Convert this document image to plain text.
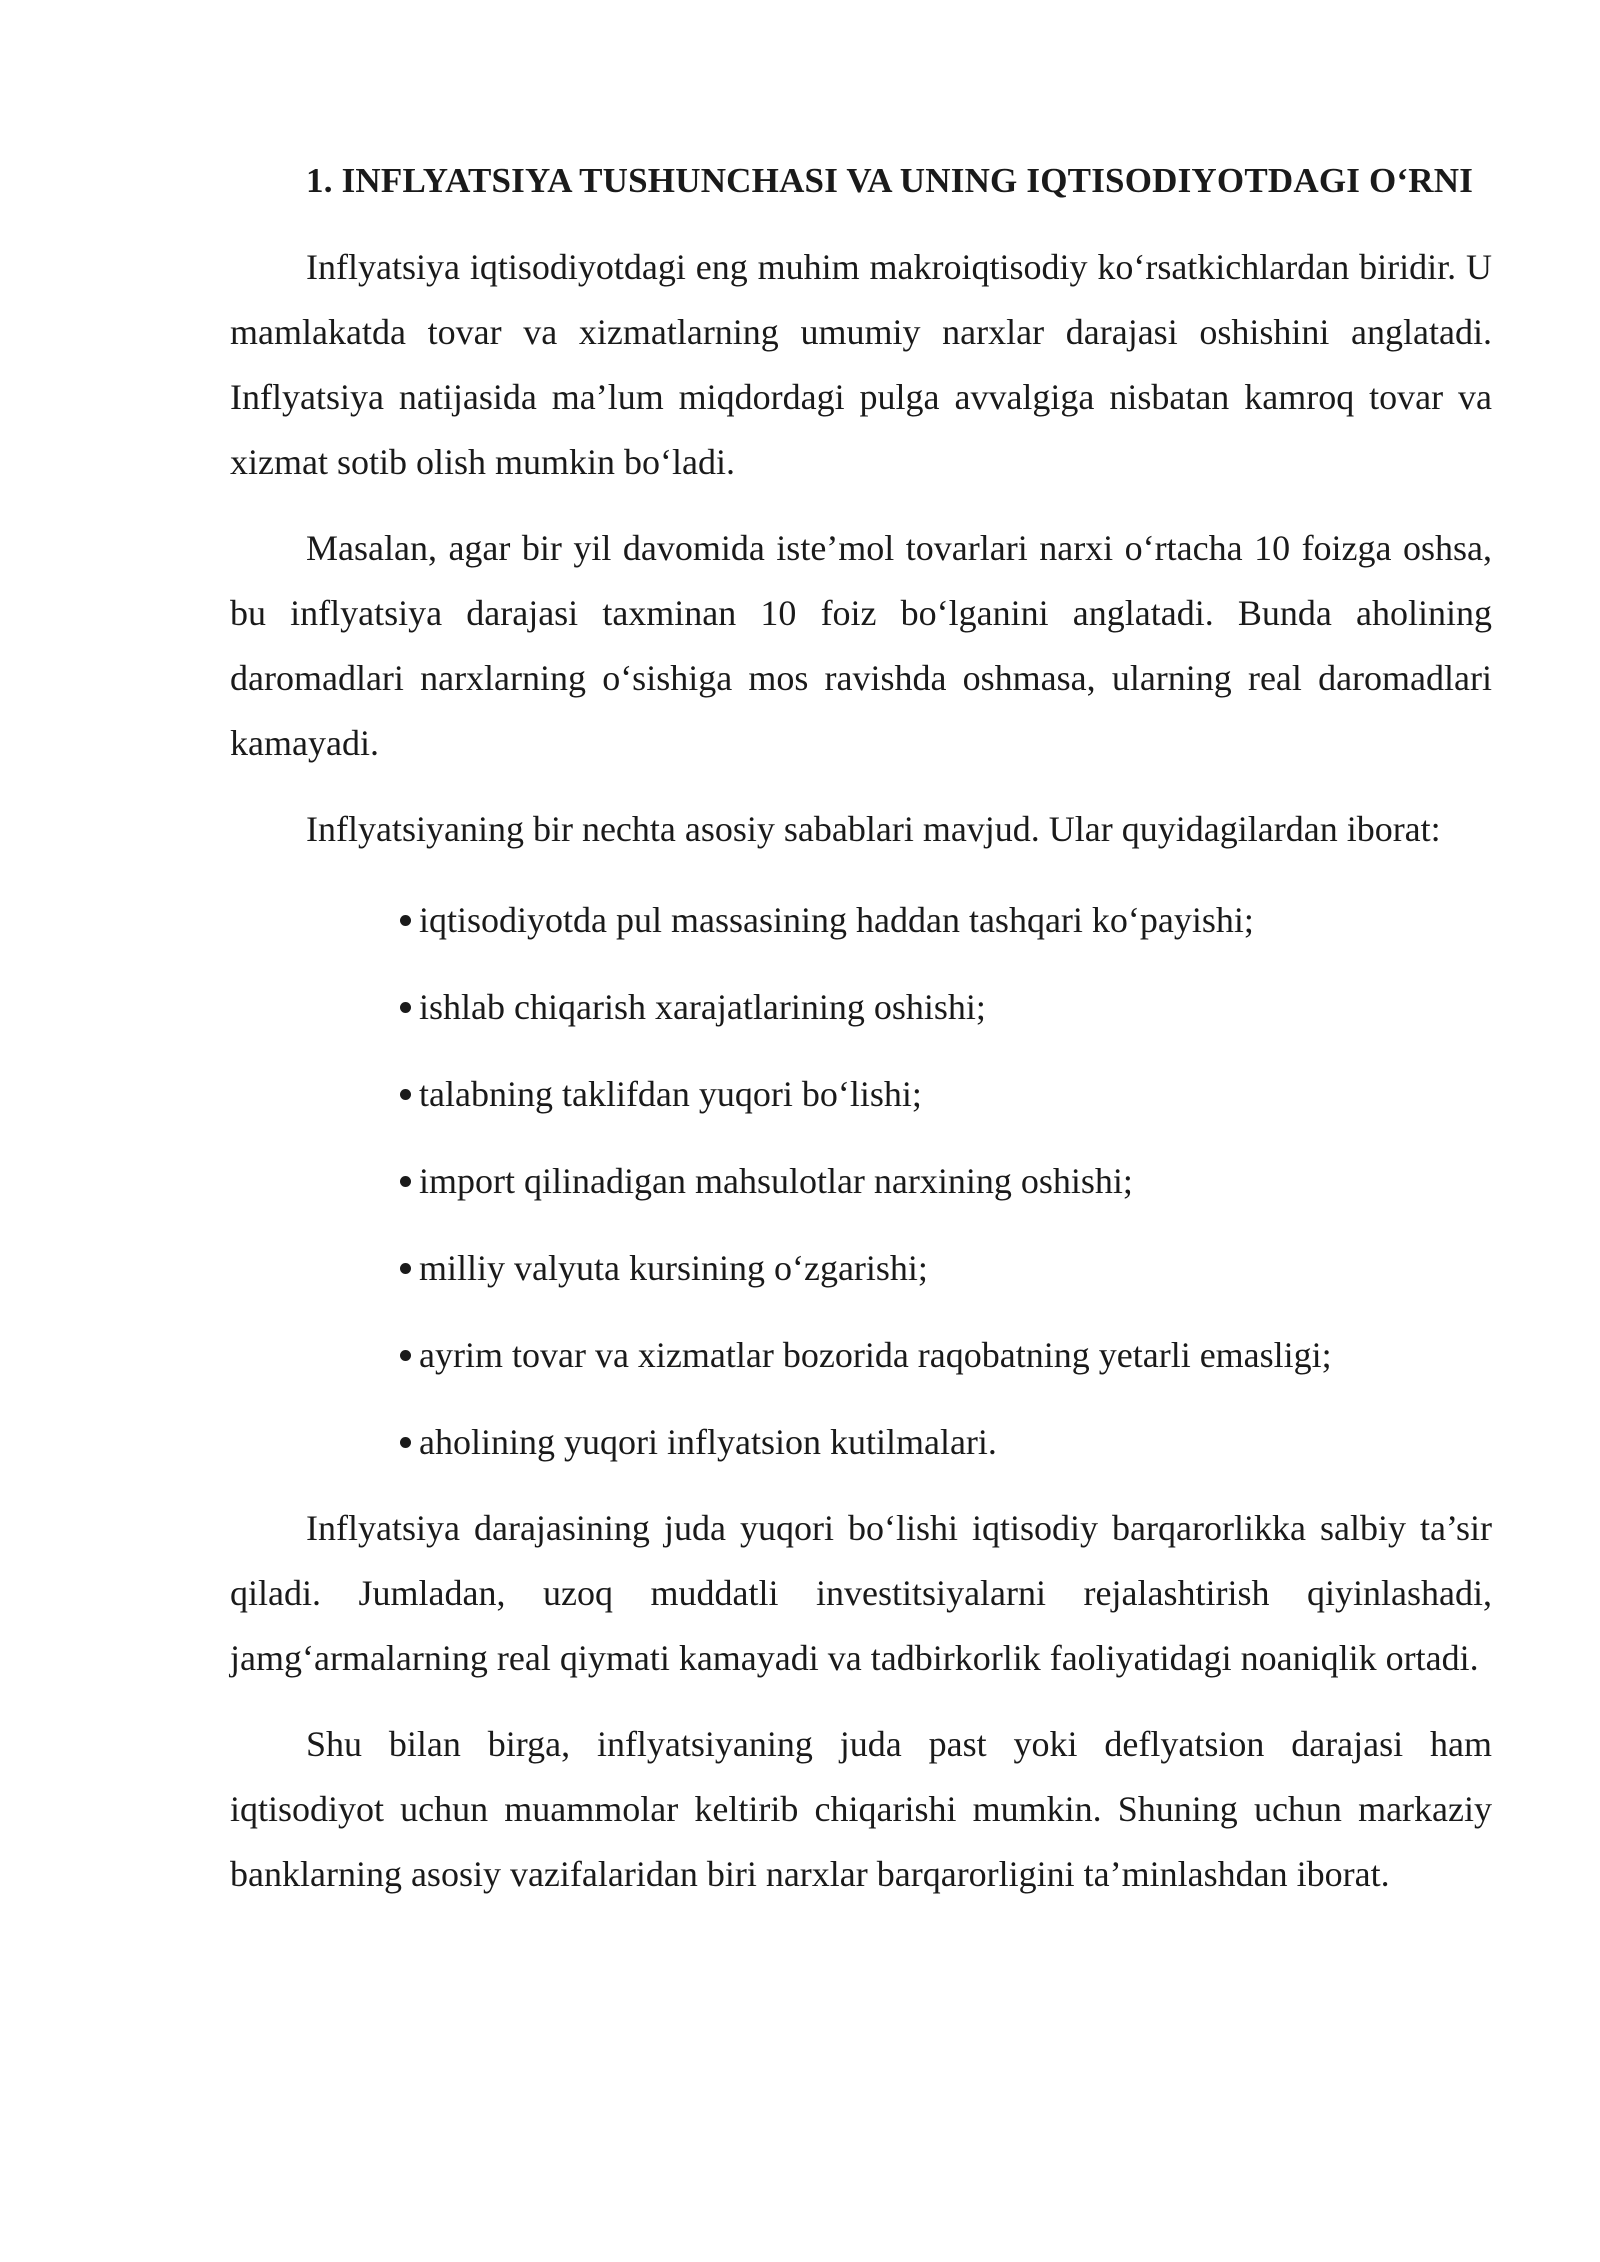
1. INFLYATSIYA TUSHUNCHASI VA UNING IQTISODIYOTDAGI O‘RNI

Inflyatsiya iqtisodiyotdagi eng muhim makroiqtisodiy ko‘rsatkichlardan biridir. U mamlakatda tovar va xizmatlarning umumiy narxlar darajasi oshishini anglatadi. Inflyatsiya natijasida ma’lum miqdordagi pulga avvalgiga nisbatan kamroq tovar va xizmat sotib olish mumkin bo‘ladi.

Masalan, agar bir yil davomida iste’mol tovarlari narxi o‘rtacha 10 foizga oshsa, bu inflyatsiya darajasi taxminan 10 foiz bo‘lganini anglatadi. Bunda aholining daromadlari narxlarning o‘sishiga mos ravishda oshmasa, ularning real daromadlari kamayadi.

Inflyatsiyaning bir nechta asosiy sabablari mavjud. Ular quyidagilardan iborat:

iqtisodiyotda pul massasining haddan tashqari ko‘payishi;
ishlab chiqarish xarajatlarining oshishi;
talabning taklifdan yuqori bo‘lishi;
import qilinadigan mahsulotlar narxining oshishi;
milliy valyuta kursining o‘zgarishi;
ayrim tovar va xizmatlar bozorida raqobatning yetarli emasligi;
aholining yuqori inflyatsion kutilmalari.

Inflyatsiya darajasining juda yuqori bo‘lishi iqtisodiy barqarorlikka salbiy ta’sir qiladi. Jumladan, uzoq muddatli investitsiyalarni rejalashtirish qiyinlashadi, jamg‘armalarning real qiymati kamayadi va tadbirkorlik faoliyatidagi noaniqlik ortadi.

Shu bilan birga, inflyatsiyaning juda past yoki deflyatsion darajasi ham iqtisodiyot uchun muammolar keltirib chiqarishi mumkin. Shuning uchun markaziy banklarning asosiy vazifalaridan biri narxlar barqarorligini ta’minlashdan iborat.
